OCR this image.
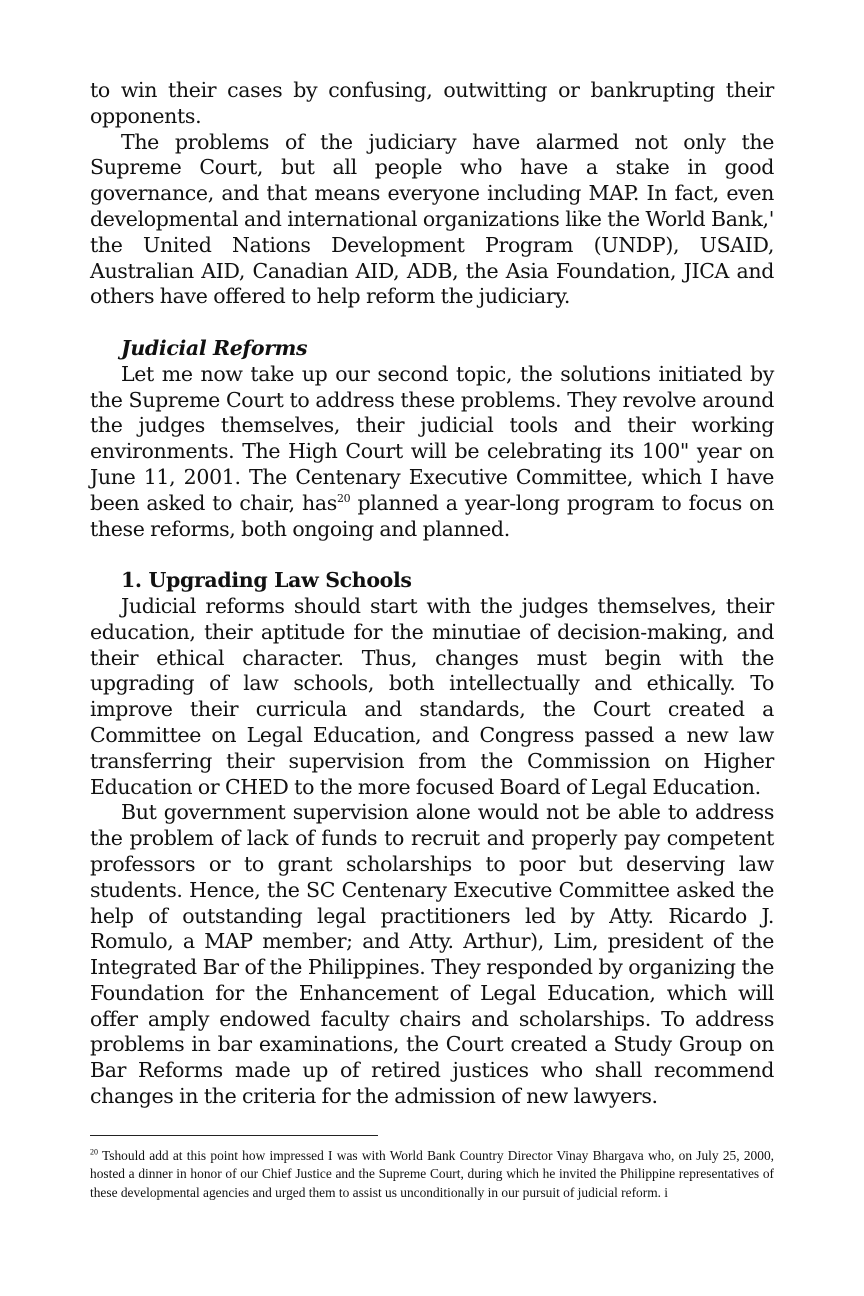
to win their cases by confusing, outwitting or bankrupting their opponents.

The problems of the judiciary have alarmed not only the Supreme Court, but all people who have a stake in good governance, and that means everyone including MAP. In fact, even developmental and international organizations like the World Bank,' the United Nations Development Program (UNDP), USAID, Australian AID, Canadian AID, ADB, the Asia Foundation, JICA and others have offered to help reform the judiciary.

Judicial Reforms

Let me now take up our second topic, the solutions initiated by the Supreme Court to address these problems. They revolve around the judges themselves, their judicial tools and their working environments. The High Court will be celebrating its 100" year on June 11, 2001. The Centenary Executive Committee, which I have been asked to chair, has$^{20}$ planned a year-long program to focus on these reforms, both ongoing and planned.

1. Upgrading Law Schools

Judicial reforms should start with the judges themselves, their education, their aptitude for the minutiae of decision-making, and their ethical character. Thus, changes must begin with the upgrading of law schools, both intellectually and ethically. To improve their curricula and standards, the Court created a Committee on Legal Education, and Congress passed a new law transferring their supervision from the Commission on Higher Education or CHED to the more focused Board of Legal Education.

But government supervision alone would not be able to address the problem of lack of funds to recruit and properly pay competent professors or to grant scholarships to poor but deserving law students. Hence, the SC Centenary Executive Committee asked the help of outstanding legal practitioners led by Atty. Ricardo J. Romulo, a MAP member; and Atty. Arthur), Lim, president of the Integrated Bar of the Philippines. They responded by organizing the Foundation for the Enhancement of Legal Education, which will offer amply endowed faculty chairs and scholarships. To address problems in bar examinations, the Court created a Study Group on Bar Reforms made up of retired justices who shall recommend changes in the criteria for the admission of new lawyers.

$^{20}$ Tshould add at this point how impressed I was with World Bank Country Director Vinay Bhargava who, on July 25, 2000, hosted a dinner in honor of our Chief Justice and the Supreme Court, during which he invited the Philippine representatives of these developmental agencies and urged them to assist us unconditionally in our pursuit of judicial reform. i
